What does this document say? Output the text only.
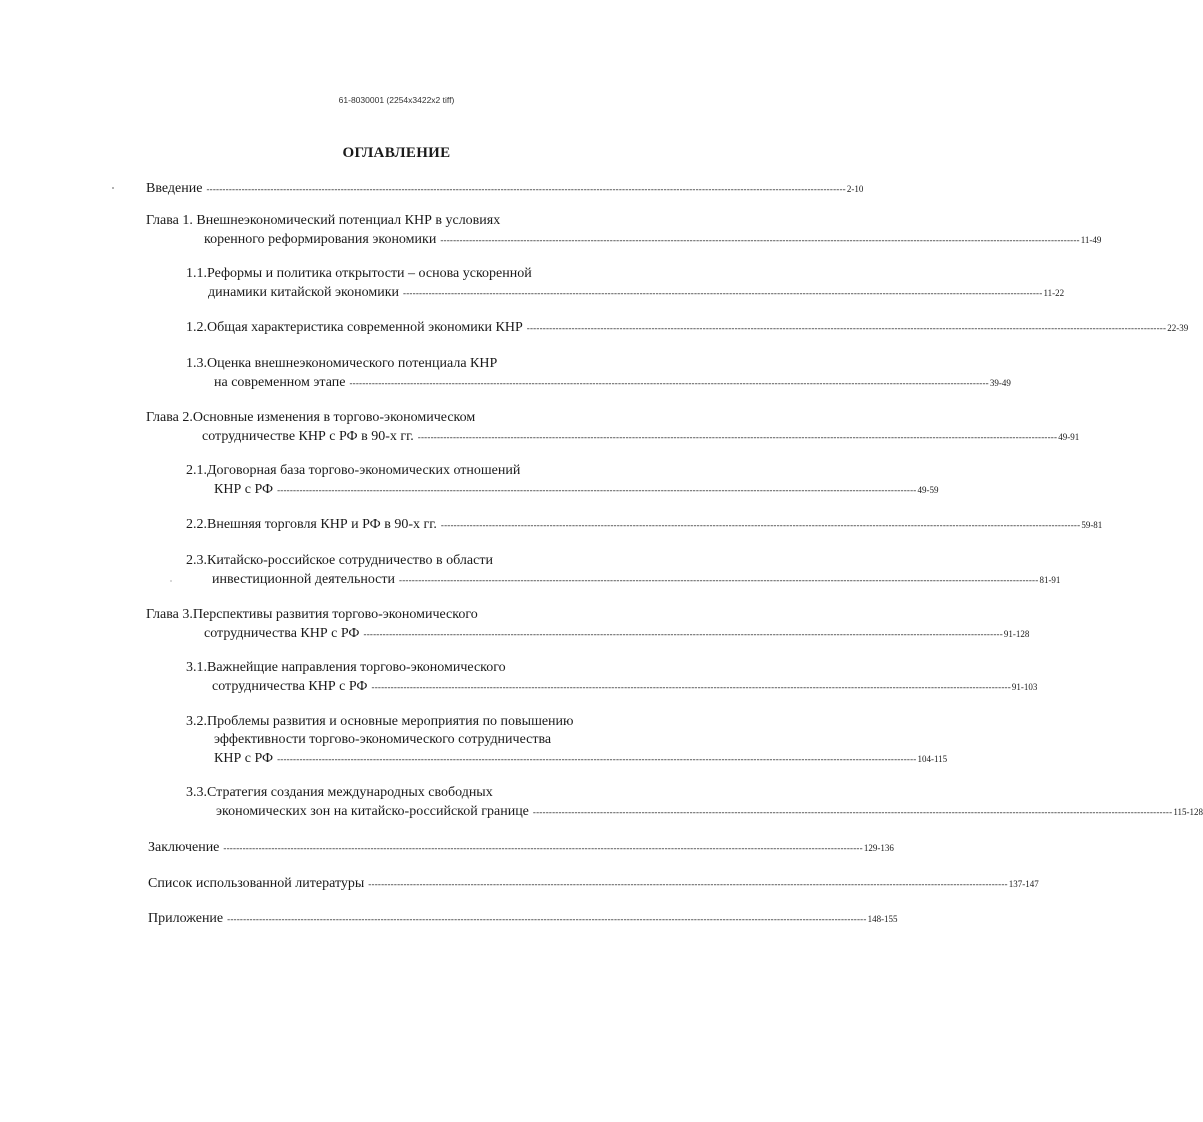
61-8030001 (2254x3422x2 tiff)
ОГЛАВЛЕНИЕ
Введение -------------------------------------------------------------------------------------------------------------------------------------------------------------------------------------------------------- 2-10
Глава 1. Внешнеэкономический потенциал КНР в условиях
коренного реформирования экономики -------------------------------------------------------------------------------------------------------------------------------------------------------------------------------------------------------- 11-49
1.1.Реформы и политика открытости – основа ускоренной
динамики китайской экономики -------------------------------------------------------------------------------------------------------------------------------------------------------------------------------------------------------- 11-22
1.2.Общая характеристика современной экономики КНР -------------------------------------------------------------------------------------------------------------------------------------------------------------------------------------------------------- 22-39
1.3.Оценка внешнеэкономического потенциала КНР
на современном этапе -------------------------------------------------------------------------------------------------------------------------------------------------------------------------------------------------------- 39-49
Глава 2.Основные изменения в торгово-экономическом
сотрудничестве КНР с РФ в 90-х гг. -------------------------------------------------------------------------------------------------------------------------------------------------------------------------------------------------------- 49-91
2.1.Договорная база торгово-экономических отношений
КНР с РФ -------------------------------------------------------------------------------------------------------------------------------------------------------------------------------------------------------- 49-59
2.2.Внешняя торговля КНР и РФ в 90-х гг. -------------------------------------------------------------------------------------------------------------------------------------------------------------------------------------------------------- 59-81
2.3.Китайско-российское сотрудничество в области
инвестиционной деятельности -------------------------------------------------------------------------------------------------------------------------------------------------------------------------------------------------------- 81-91
Глава 3.Перспективы развития торгово-экономического
сотрудничества КНР с РФ -------------------------------------------------------------------------------------------------------------------------------------------------------------------------------------------------------- 91-128
3.1.Важнейщие направления торгово-экономического
сотрудничества КНР с РФ -------------------------------------------------------------------------------------------------------------------------------------------------------------------------------------------------------- 91-103
3.2.Проблемы развития и основные мероприятия по повышению
эффективности торгово-экономического сотрудничества
КНР с РФ -------------------------------------------------------------------------------------------------------------------------------------------------------------------------------------------------------- 104-115
3.3.Стратегия создания международных свободных
экономических зон на китайско-российской границе -------------------------------------------------------------------------------------------------------------------------------------------------------------------------------------------------------- 115-128
Заключение -------------------------------------------------------------------------------------------------------------------------------------------------------------------------------------------------------- 129-136
Список использованной литературы -------------------------------------------------------------------------------------------------------------------------------------------------------------------------------------------------------- 137-147
Приложение -------------------------------------------------------------------------------------------------------------------------------------------------------------------------------------------------------- 148-155
